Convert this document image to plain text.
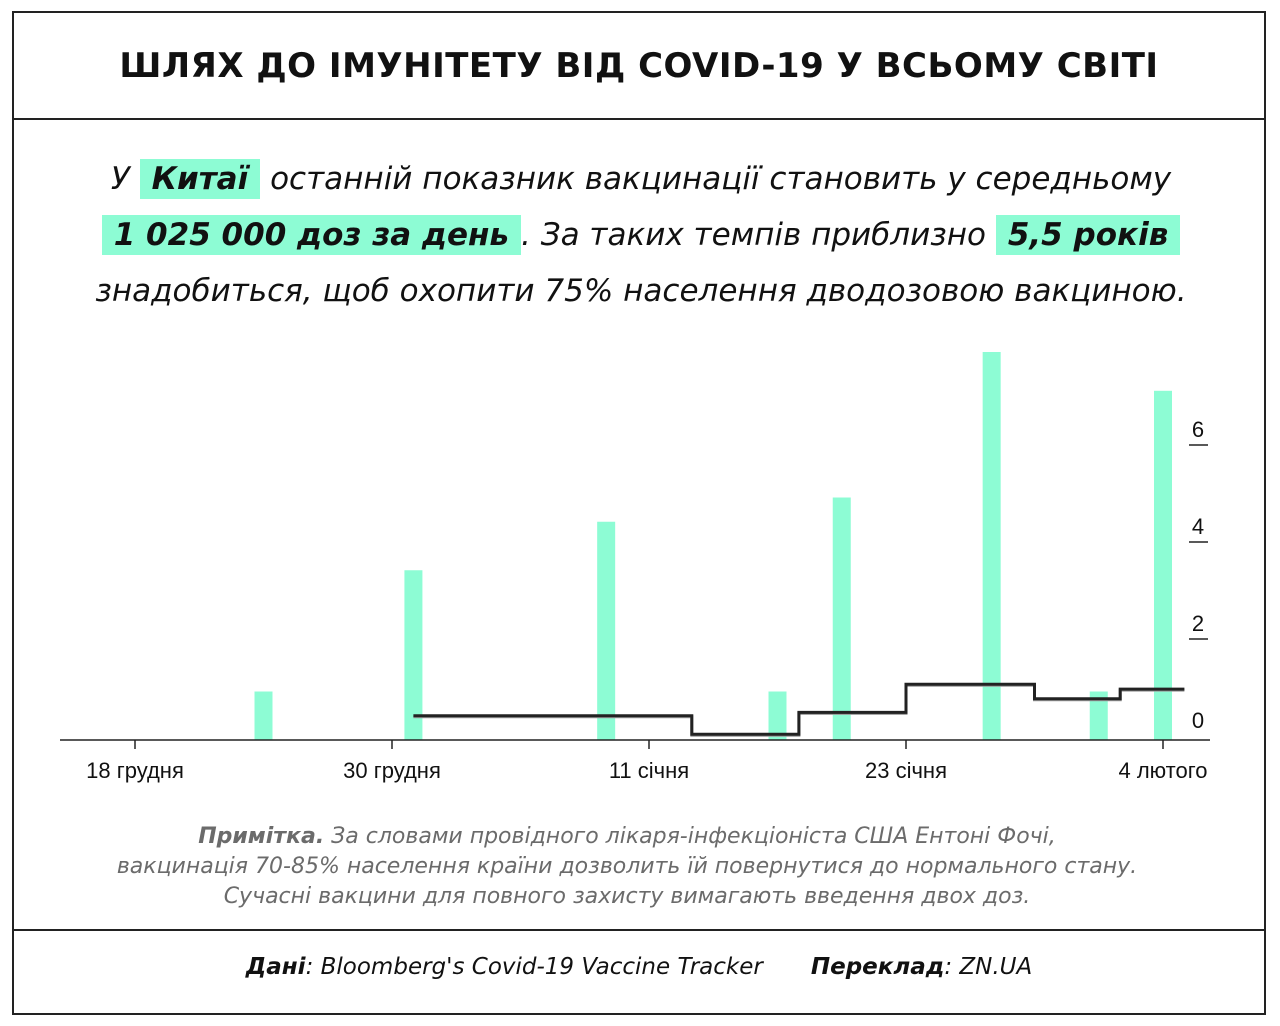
ШЛЯХ ДО ІМУНІТЕТУ ВІД COVID-19 У ВСЬОМУ СВІТІ
У Китаї останній показник вакцинації становить у середньому
1 025 000 доз за день . За таких темпів приблизно 5,5 років
знадобиться, щоб охопити 75% населення дводозовою вакциною.
18 грудня	30 грудня	11 січня	23 січня	4 лютого
0
2
4
6
Примітка. За словами провідного лікаря-інфекціоніста США Ентоні Фочі,
вакцинація 70-85% населення країни дозволить їй повернутися до нормального стану.
Сучасні вакцини для повного захисту вимагають введення двох доз.
Дані : Bloomberg's Covid-19 Vaccine Tracker Переклад : ZN.UA
